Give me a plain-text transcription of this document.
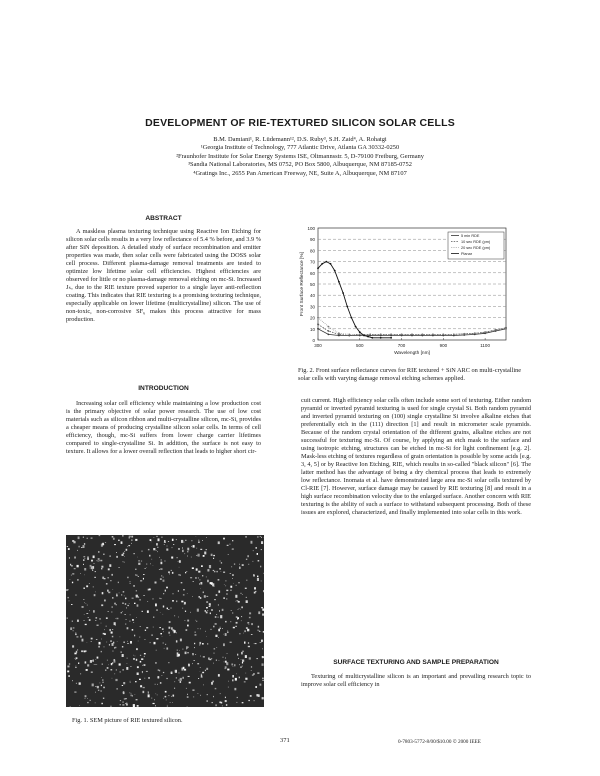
DEVELOPMENT OF RIE-TEXTURED SILICON SOLAR CELLS
B.M. Damiani¹, R. Lüdemann¹², D.S. Ruby³, S.H. Zaid⁴, A. Rohatgi
¹Georgia Institute of Technology, 777 Atlantic Drive, Atlanta GA 30332-0250
²Fraunhofer Institute for Solar Energy Systems ISE, Oltmannsstr. 5, D-79100 Freiburg, Germany
³Sandia National Laboratories, MS 0752, PO Box 5800, Albuquerque, NM 87185-0752
⁴Gratings Inc., 2655 Pan American Freeway, NE, Suite A, Albuquerque, NM 87107
ABSTRACT

A maskless plasma texturing technique using Reactive Ion Etching for silicon solar cells results in a very low reflectance of 5.4 % before, and 3.9 % after SiN deposition. A detailed study of surface recombination and emitter properties was made, then solar cells were fabricated using the DOSS solar cell process. Different plasma-damage removal treatments are tested to optimize low lifetime solar cell efficiencies. Highest efficiencies are observed for little or no plasma-damage removal etching on mc-Si. Increased Jₛₒ due to the RIE texture proved superior to a single layer anti-reflection coating. This indicates that RIE texturing is a promising texturing technique, especially applicable on lower lifetime (multicrystalline) silicon. The use of non-toxic, non-corrosive SF₆ makes this process attractive for mass production.

INTRODUCTION

Increasing solar cell efficiency while maintaining a low production cost is the primary objective of solar power research. The use of low cost materials such as silicon ribbon and multi-crystalline silicon, mc-Si, provides a cheaper means of producing crystalline silicon solar cells. In terms of cell efficiency, though, mc-Si suffers from lower charge carrier lifetimes compared to single-crystalline Si. In addition, the surface is not easy to texture. It allows for a lower overall reflection that leads to higher short cir-

Fig. 1. SEM picture of RIE textured silicon.
0
10
20
30
40
50
60
70
80
90
100
300	500	700	900	1100
Wavelength [nm]
Front Surface Reflectance [%]
5 min RDE
10 sec RDE (pm)
20 sec RDE (pm)
Planar
Fig. 2. Front surface reflectance curves for RIE textured + SiN ARC on multi-crystalline solar cells with varying damage removal etching schemes applied.

cuit current. High efficiency solar cells often include some sort of texturing. Either random pyramid or inverted pyramid texturing is used for single crystal Si. Both random pyramid and inverted pyramid texturing on (100) single crystalline Si involve alkaline etches that preferentially etch in the (111) direction [1] and result in micrometer scale pyramids. Because of the random crystal orientation of the different grains, alkaline etches are not successful for texturing mc-Si. Of course, by applying an etch mask to the surface and using isotropic etching, structures can be etched in mc-Si for light confinement [e.g. 2]. Mask-less etching of textures regardless of grain orientation is possible by some acids [e.g. 3, 4, 5] or by Reactive Ion Etching, RIE, which results in so-called "black silicon" [6]. The latter method has the advantage of being a dry chemical process that leads to extremely low reflectance. Inomata et al. have demonstrated large area mc-Si solar cells textured by Cl-RIE [7]. However, surface damage may be caused by RIE texturing [8] and result in a high surface recombination velocity due to the enlarged surface. Another concern with RIE texturing is the ability of such a surface to withstand subsequent processing. Both of these issues are explored, characterized, and finally implemented into solar cells in this work.

SURFACE TEXTURING AND SAMPLE PREPARATION

Texturing of multicrystalline silicon is an important and prevailing research topic to improve solar cell efficiency in

371	0-7803-5772-8/00/$10.00 © 2000 IEEE
